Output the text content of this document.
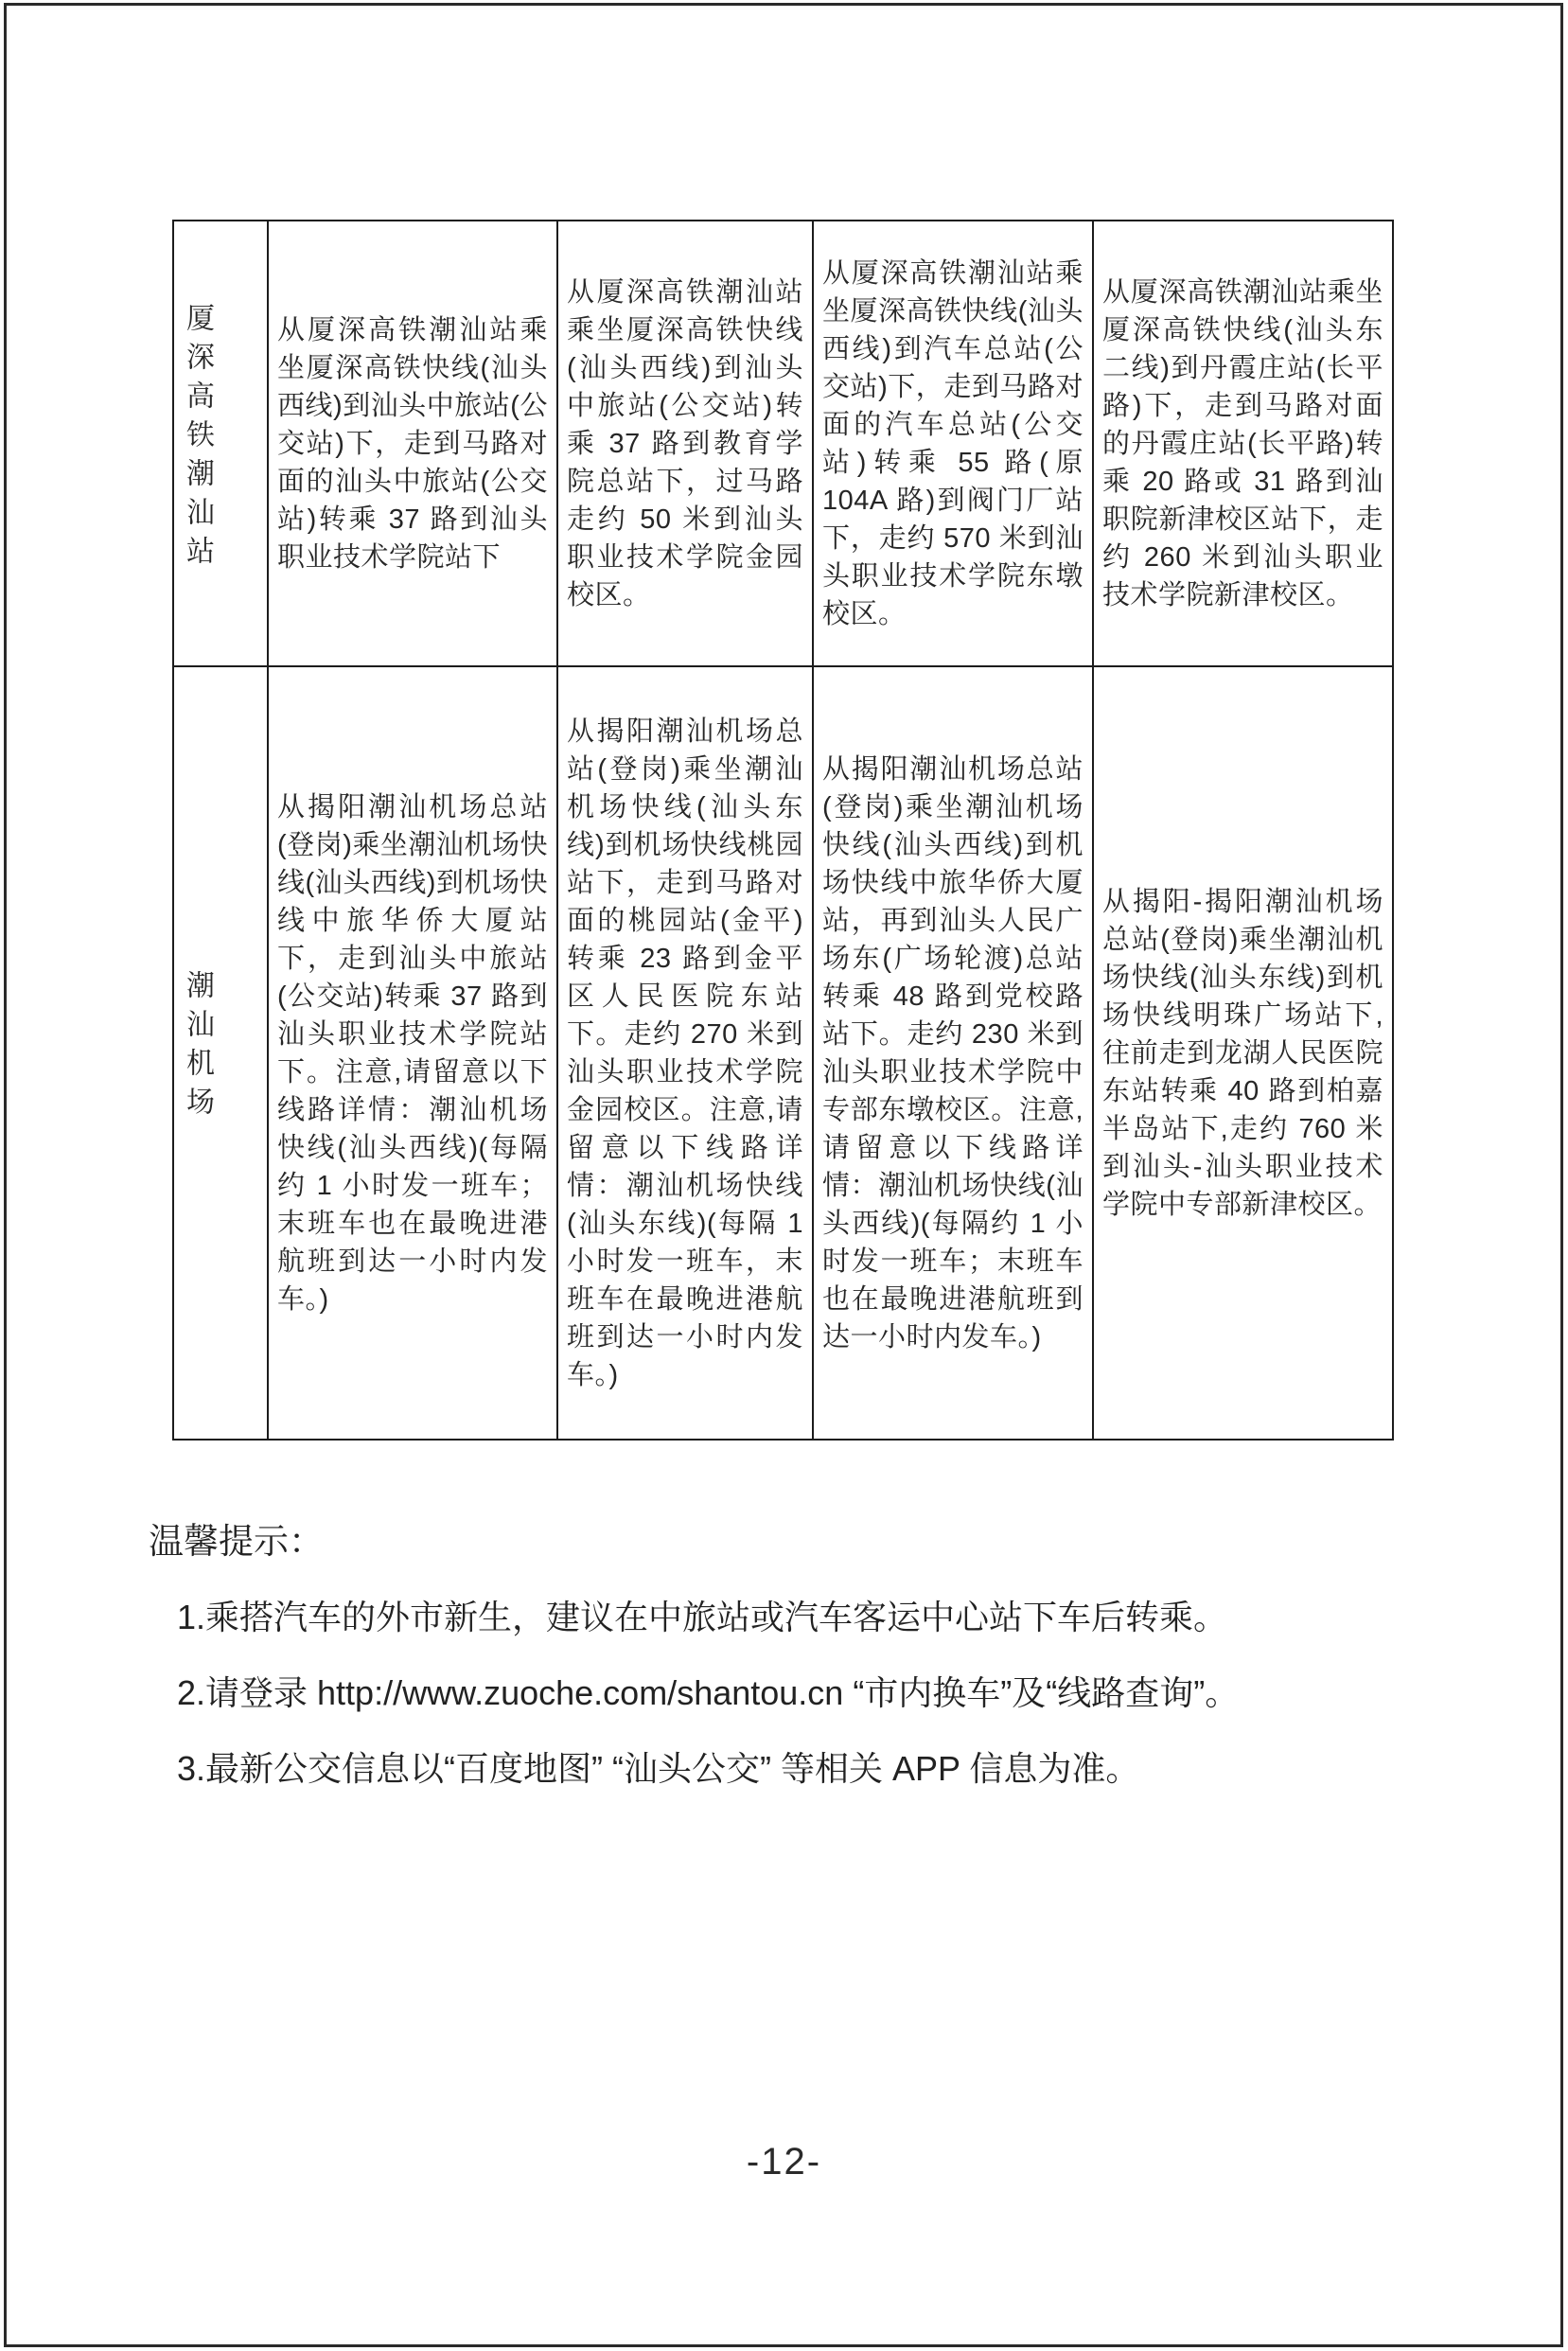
厦深高铁潮汕站	从厦深高铁潮汕站乘坐厦深高铁快线(汕头西线)到汕头中旅站(公交站)下，走到马路对面的汕头中旅站(公交站)转乘 37 路到汕头职业技术学院站下	从厦深高铁潮汕站乘坐厦深高铁快线(汕头西线)到汕头中旅站(公交站)转乘 37 路到教育学院总站下，过马路走约 50 米到汕头职业技术学院金园校区。	从厦深高铁潮汕站乘坐厦深高铁快线(汕头西线)到汽车总站(公交站)下，走到马路对面的汽车总站(公交站)转乘 55 路(原 104A 路)到阀门厂站下，走约 570 米到汕头职业技术学院东墩校区。	从厦深高铁潮汕站乘坐厦深高铁快线(汕头东二线)到丹霞庄站(长平路)下，走到马路对面的丹霞庄站(长平路)转乘 20 路或 31 路到汕职院新津校区站下，走约 260 米到汕头职业技术学院新津校区。
潮汕机场	从揭阳潮汕机场总站(登岗)乘坐潮汕机场快线(汕头西线)到机场快线中旅华侨大厦站下，走到汕头中旅站(公交站)转乘 37 路到汕头职业技术学院站下。注意,请留意以下线路详情：潮汕机场快线(汕头西线)(每隔约 1 小时发一班车；末班车也在最晚进港航班到达一小时内发车。)	从揭阳潮汕机场总站(登岗)乘坐潮汕机场快线(汕头东线)到机场快线桃园站下，走到马路对面的桃园站(金平)转乘 23 路到金平区人民医院东站下。走约 270 米到汕头职业技术学院金园校区。注意,请留意以下线路详情：潮汕机场快线(汕头东线)(每隔 1 小时发一班车，末班车在最晚进港航班到达一小时内发车。)	从揭阳潮汕机场总站(登岗)乘坐潮汕机场快线(汕头西线)到机场快线中旅华侨大厦站，再到汕头人民广场东(广场轮渡)总站转乘 48 路到党校路站下。走约 230 米到汕头职业技术学院中专部东墩校区。注意,请留意以下线路详情：潮汕机场快线(汕头西线)(每隔约 1 小时发一班车；末班车也在最晚进港航班到达一小时内发车。)	从揭阳-揭阳潮汕机场总站(登岗)乘坐潮汕机场快线(汕头东线)到机场快线明珠广场站下,往前走到龙湖人民医院东站转乘 40 路到柏嘉半岛站下,走约 760 米到汕头-汕头职业技术学院中专部新津校区。
温馨提示：
1.乘搭汽车的外市新生，建议在中旅站或汽车客运中心站下车后转乘。
2.请登录 http://www.zuoche.com/shantou.cn “市内换车”及“线路查询”。
3.最新公交信息以“百度地图” “汕头公交” 等相关 APP 信息为准。
-12-
